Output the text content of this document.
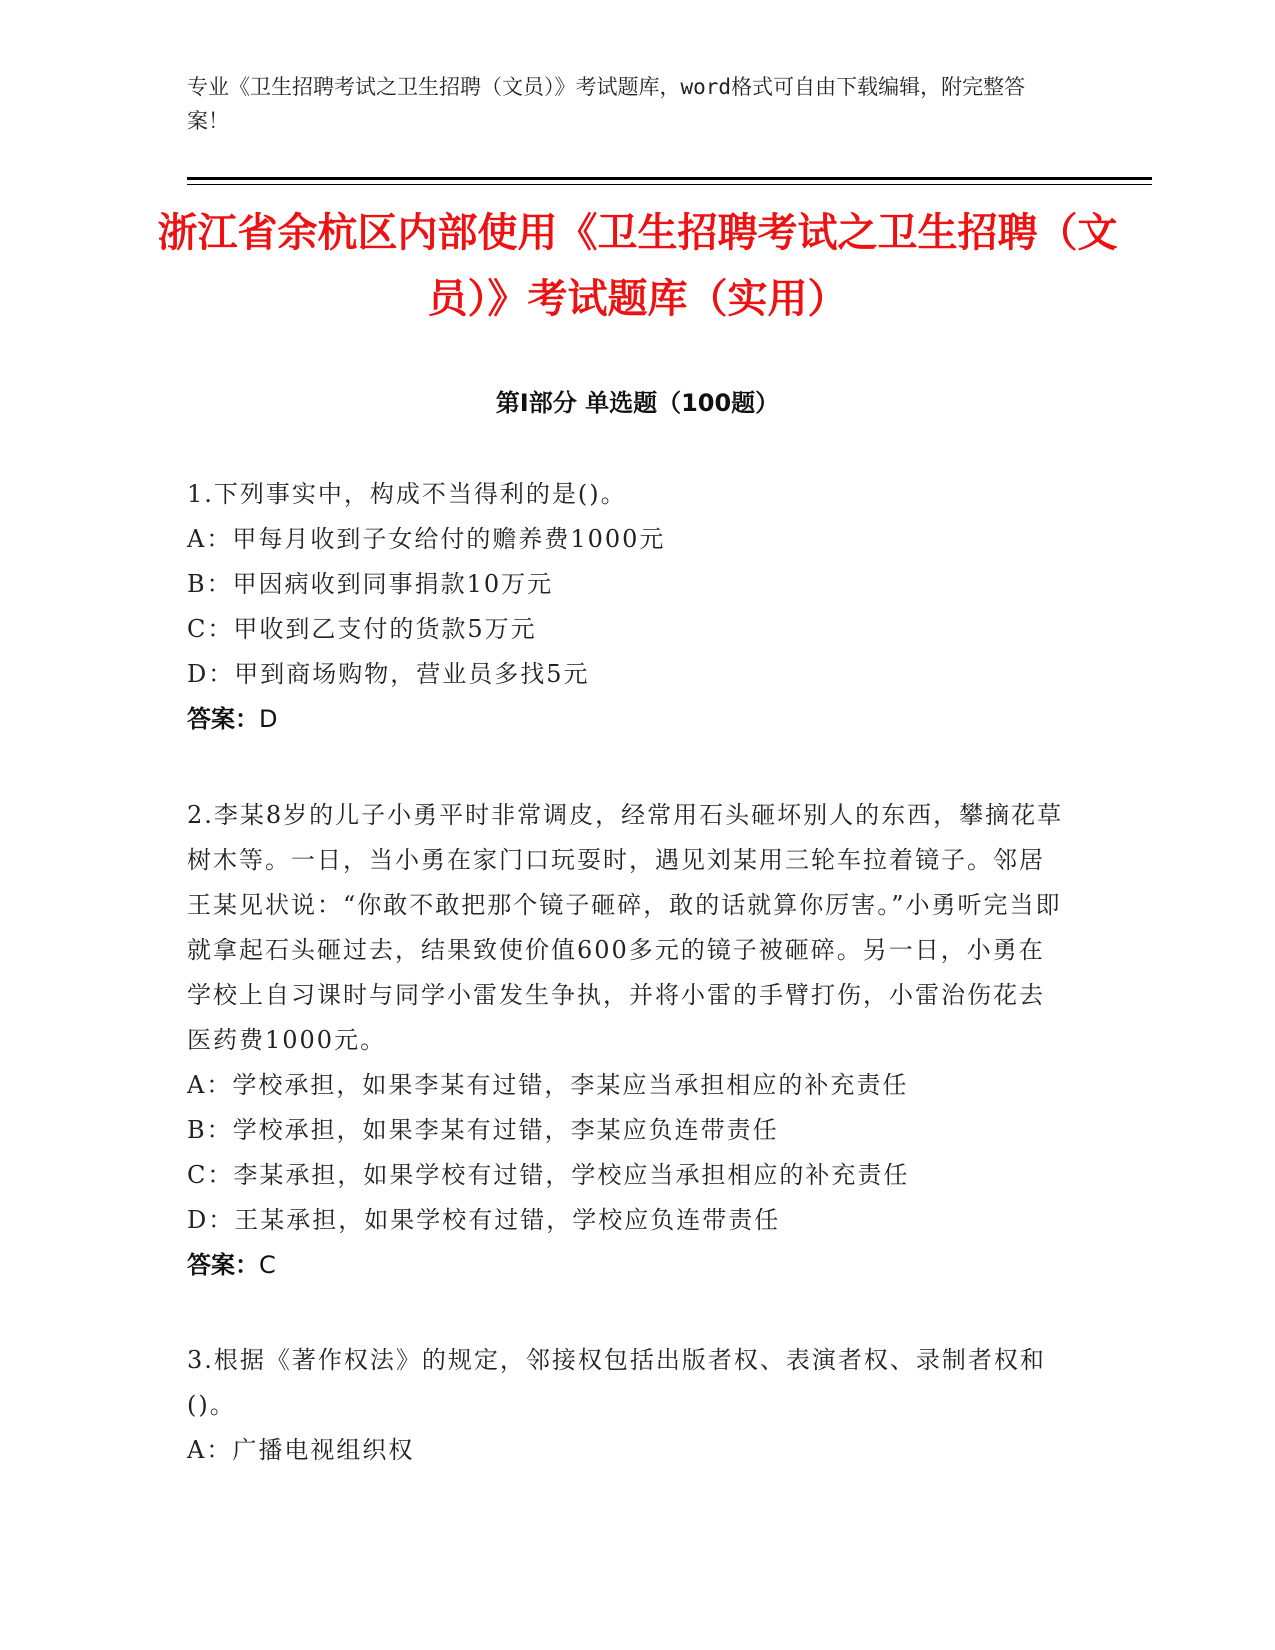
专业《卫生招聘考试之卫生招聘（文员）》考试题库，word格式可自由下载编辑，附完整答案！
浙江省余杭区内部使用《卫生招聘考试之卫生招聘（文员）》考试题库（实用）
第Ⅰ部分 单选题（100题）
1.下列事实中，构成不当得利的是()。
A：甲每月收到子女给付的赡养费1000元
B：甲因病收到同事捐款10万元
C：甲收到乙支付的货款5万元
D：甲到商场购物，营业员多找5元
答案：D
2.李某8岁的儿子小勇平时非常调皮，经常用石头砸坏别人的东西，攀摘花草树木等。一日，当小勇在家门口玩耍时，遇见刘某用三轮车拉着镜子。邻居王某见状说：“你敢不敢把那个镜子砸碎，敢的话就算你厉害。”小勇听完当即就拿起石头砸过去，结果致使价值600多元的镜子被砸碎。另一日，小勇在学校上自习课时与同学小雷发生争执，并将小雷的手臂打伤，小雷治伤花去医药费1000元。
A：学校承担，如果李某有过错，李某应当承担相应的补充责任
B：学校承担，如果李某有过错，李某应负连带责任
C：李某承担，如果学校有过错，学校应当承担相应的补充责任
D：王某承担，如果学校有过错，学校应负连带责任
答案：C
3.根据《著作权法》的规定，邻接权包括出版者权、表演者权、录制者权和()。
A：广播电视组织权
